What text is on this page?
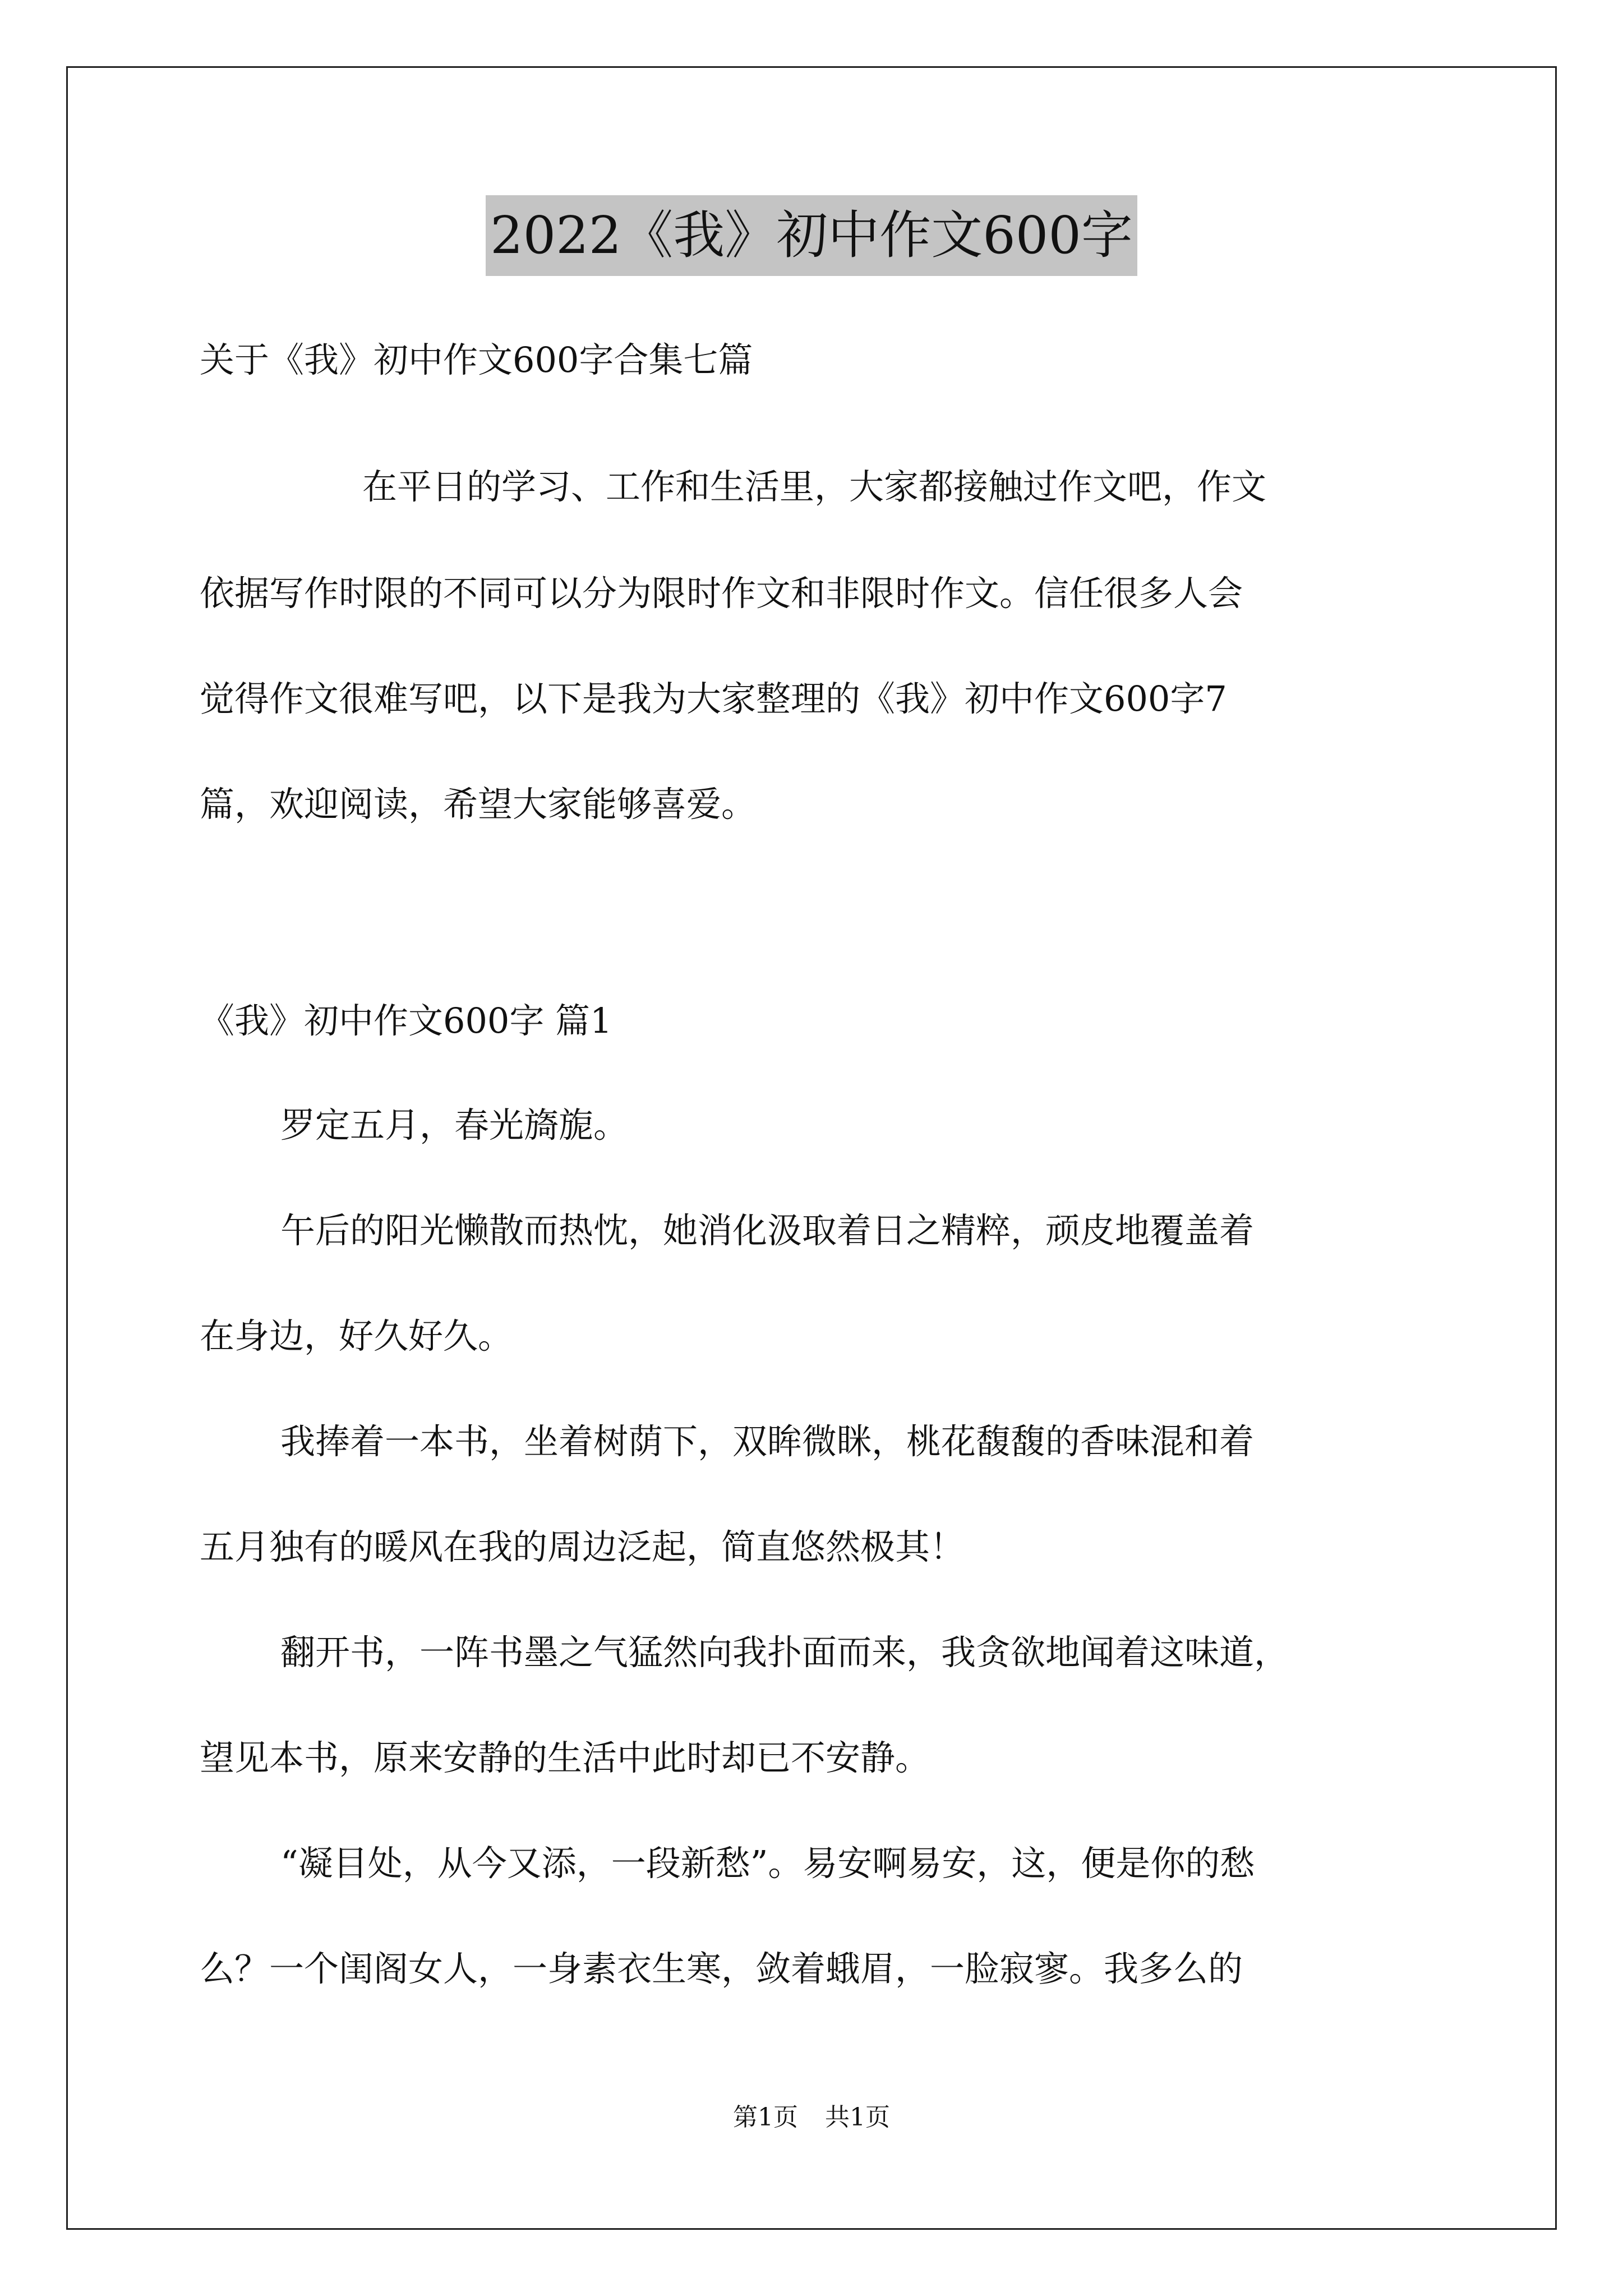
2022《我》初中作文600字
关于《我》初中作文600字合集七篇
在平日的学习、工作和生活里，大家都接触过作文吧，作文
依据写作时限的不同可以分为限时作文和非限时作文。信任很多人会
觉得作文很难写吧，以下是我为大家整理的《我》初中作文600字7
篇，欢迎阅读，希望大家能够喜爱。
《我》初中作文600字 篇1
罗定五月，春光旖旎。
午后的阳光懒散而热忱，她消化汲取着日之精粹，顽皮地覆盖着
在身边，好久好久。
我捧着一本书，坐着树荫下，双眸微眯，桃花馥馥的香味混和着
五月独有的暖风在我的周边泛起，简直悠然极其！
翻开书，一阵书墨之气猛然向我扑面而来，我贪欲地闻着这味道，
望见本书，原来安静的生活中此时却已不安静。
“凝目处，从今又添，一段新愁”。易安啊易安，这，便是你的愁
么？一个闺阁女人，一身素衣生寒，敛着蛾眉，一脸寂寥。我多么的
第1页 共1页
